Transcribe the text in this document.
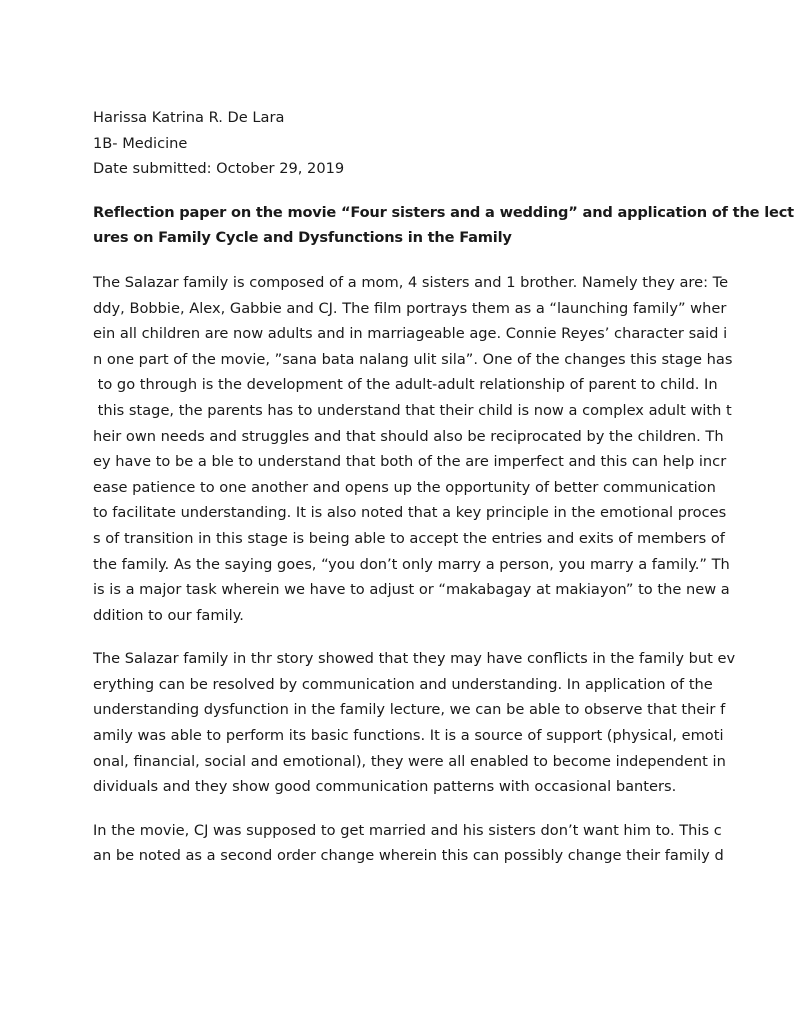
Harissa Katrina R. De Lara
1B- Medicine
Date submitted: October 29, 2019
Reflection paper on the movie “Four sisters and a wedding” and application of the lect
ures on Family Cycle and Dysfunctions in the Family
The Salazar family is composed of a mom, 4 sisters and 1 brother. Namely they are: Te
ddy, Bobbie, Alex, Gabbie and CJ. The film portrays them as a “launching family” wher
ein all children are now adults and in marriageable age. Connie Reyes’ character said i
n one part of the movie, ”sana bata nalang ulit sila”. One of the changes this stage has
to go through is the development of the adult-adult relationship of parent to child. In
this stage, the parents has to understand that their child is now a complex adult with t
heir own needs and struggles and that should also be reciprocated by the children. Th
ey have to be a ble to understand that both of the are imperfect and this can help incr
ease patience to one another and opens up the opportunity of better communication
to facilitate understanding. It is also noted that a key principle in the emotional proces
s of transition in this stage is being able to accept the entries and exits of members of
the family. As the saying goes, “you don’t only marry a person, you marry a family.” Th
is is a major task wherein we have to adjust or “makabagay at makiayon” to the new a
ddition to our family.
The Salazar family in thr story showed that they may have conflicts in the family but ev
erything can be resolved by communication and understanding. In application of the
understanding dysfunction in the family lecture, we can be able to observe that their f
amily was able to perform its basic functions. It is a source of support (physical, emoti
onal, financial, social and emotional), they were all enabled to become independent in
dividuals and they show good communication patterns with occasional banters.
In the movie, CJ was supposed to get married and his sisters don’t want him to. This c
an be noted as a second order change wherein this can possibly change their family d
